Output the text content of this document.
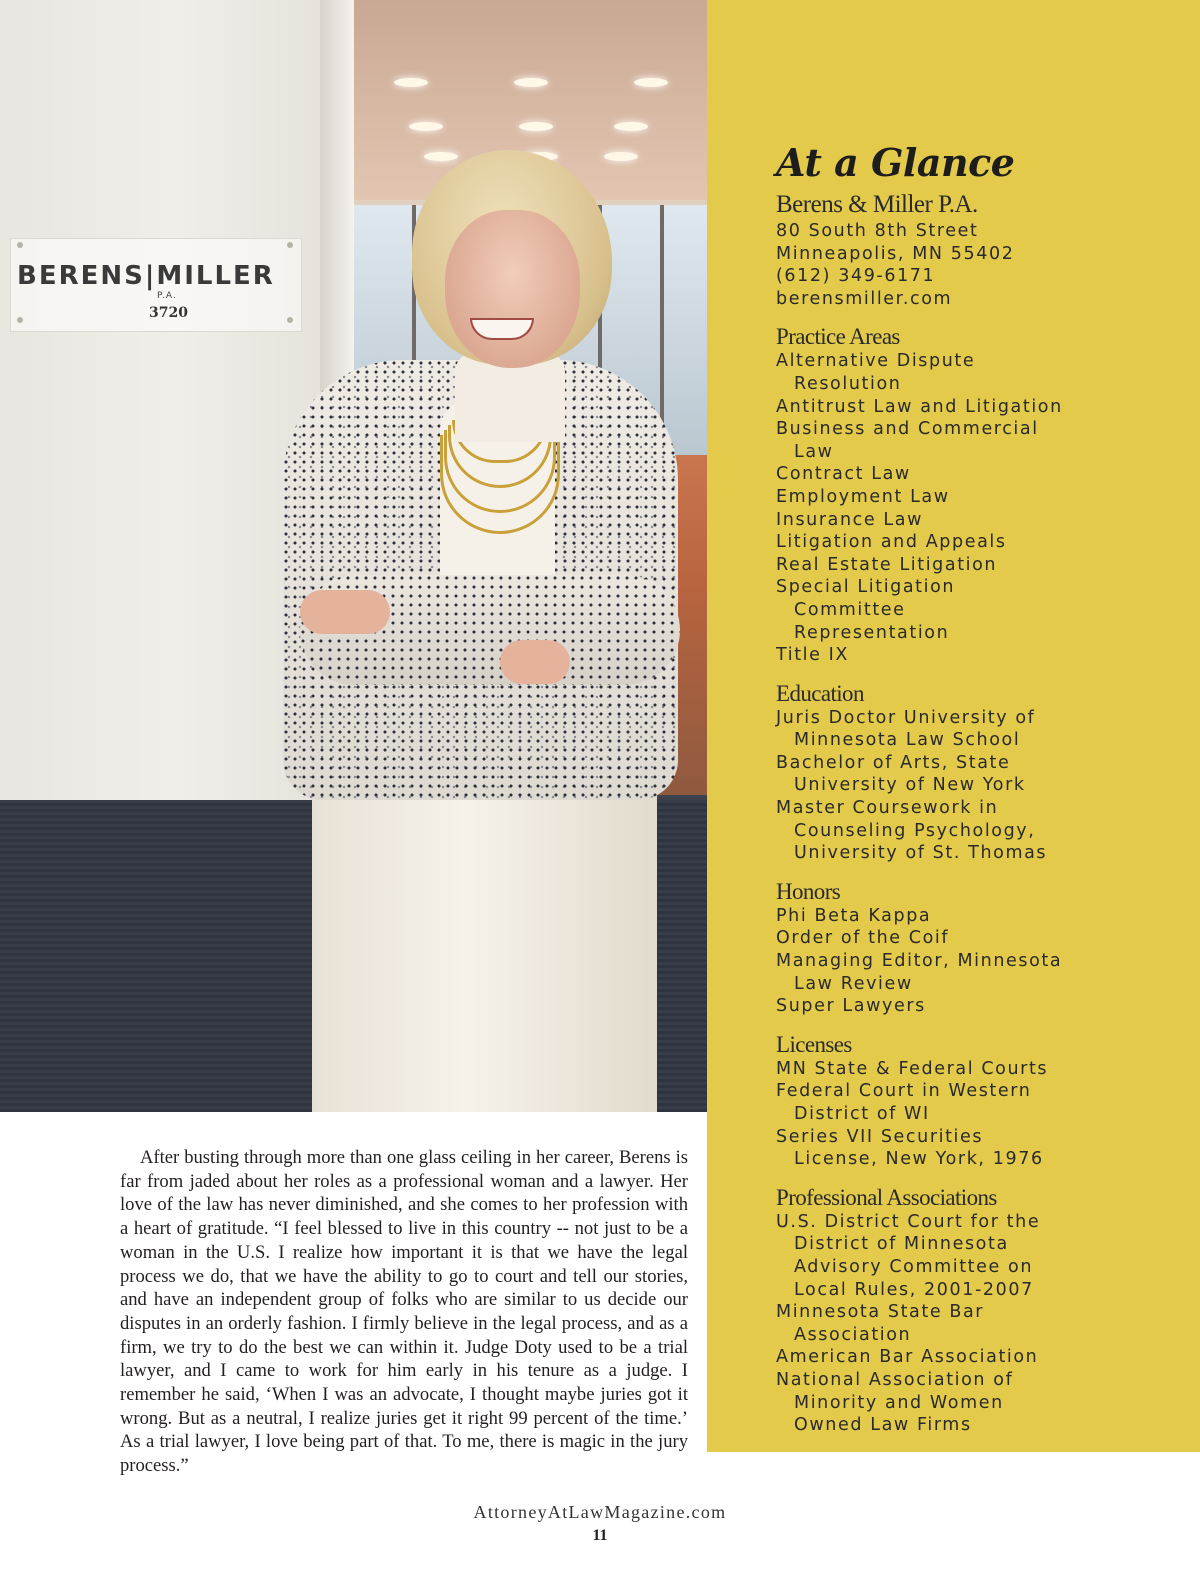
BERENS|MILLER
P.A.
3720
At a Glance
Berens & Miller P.A.

80 South 8th Street

Minneapolis, MN 55402

(612) 349-6171

berensmiller.com

Practice Areas

Alternative Dispute

Resolution

Antitrust Law and Litigation

Business and Commercial

Law

Contract Law

Employment Law

Insurance Law

Litigation and Appeals

Real Estate Litigation

Special Litigation

Committee

Representation

Title IX

Education

Juris Doctor University of

Minnesota Law School

Bachelor of Arts, State

University of New York

Master Coursework in

Counseling Psychology,

University of St. Thomas

Honors

Phi Beta Kappa

Order of the Coif

Managing Editor, Minnesota

Law Review

Super Lawyers

Licenses

MN State & Federal Courts

Federal Court in Western

District of WI

Series VII Securities

License, New York, 1976

Professional Associations

U.S. District Court for the

District of Minnesota

Advisory Committee on

Local Rules, 2001-2007

Minnesota State Bar

Association

American Bar Association

National Association of

Minority and Women

Owned Law Firms

After busting through more than one glass ceiling in her career, Berens is far from jaded about her roles as a professional woman and a lawyer. Her love of the law has never diminished, and she comes to her profession with a heart of gratitude. “I feel blessed to live in this country -- not just to be a woman in the U.S. I realize how important it is that we have the legal process we do, that we have the ability to go to court and tell our stories, and have an independent group of folks who are similar to us decide our disputes in an orderly fashion. I firmly believe in the legal process, and as a firm, we try to do the best we can within it. Judge Doty used to be a trial lawyer, and I came to work for him early in his tenure as a judge. I remember he said, ‘When I was an advocate, I thought maybe juries got it wrong. But as a neutral, I realize juries get it right 99 percent of the time.’ As a trial lawyer, I love being part of that. To me, there is magic in the jury process.”
AttorneyAtLawMagazine.com
11
